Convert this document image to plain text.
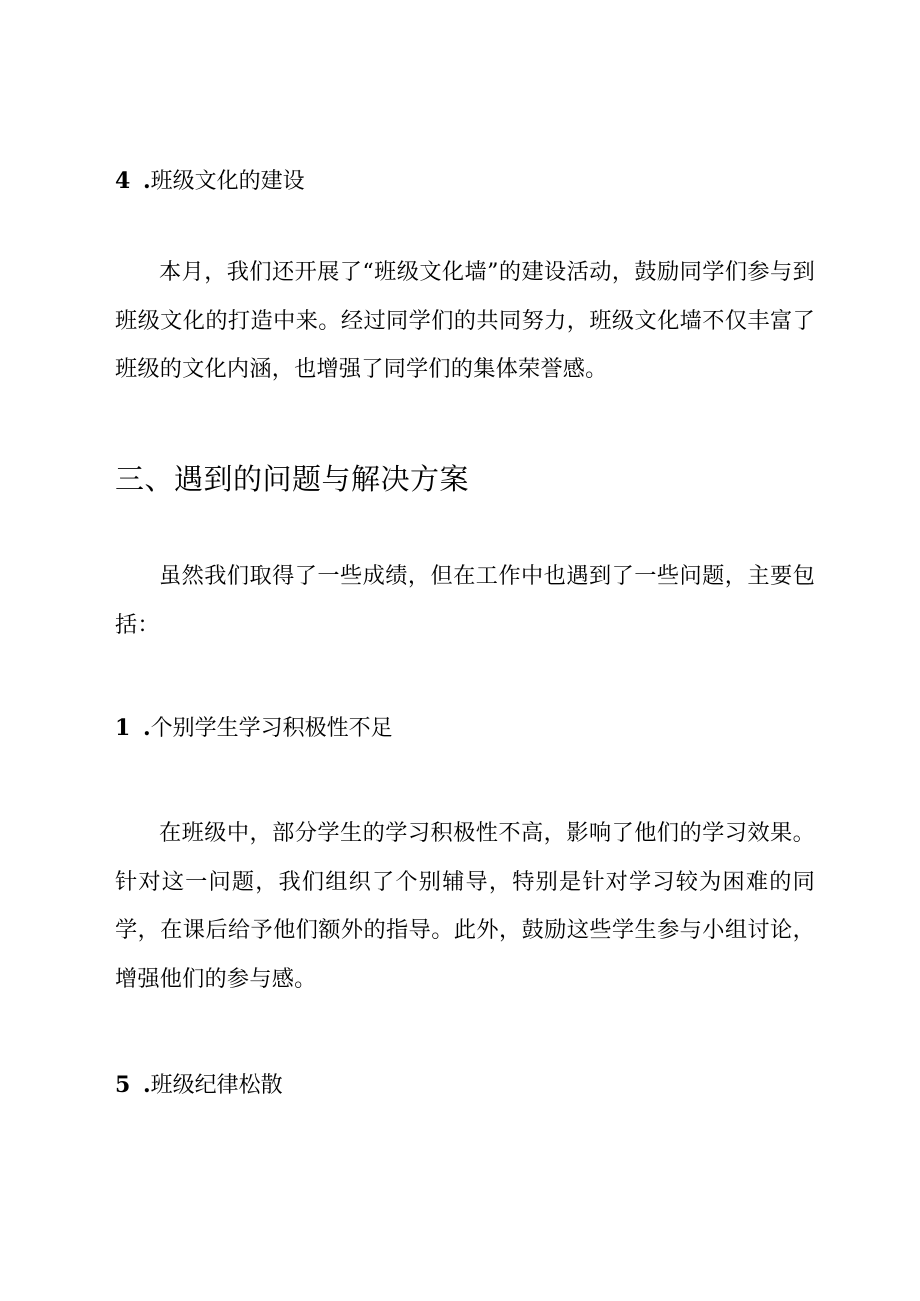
4 .班级文化的建设

本月，我们还开展了“班级文化墙”的建设活动，鼓励同学们参与到班级文化的打造中来。经过同学们的共同努力，班级文化墙不仅丰富了班级的文化内涵，也增强了同学们的集体荣誉感。

三、遇到的问题与解决方案

虽然我们取得了一些成绩，但在工作中也遇到了一些问题，主要包括：

1 .个别学生学习积极性不足

在班级中，部分学生的学习积极性不高，影响了他们的学习效果。针对这一问题，我们组织了个别辅导，特别是针对学习较为困难的同学，在课后给予他们额外的指导。此外，鼓励这些学生参与小组讨论，增强他们的参与感。

5 .班级纪律松散
